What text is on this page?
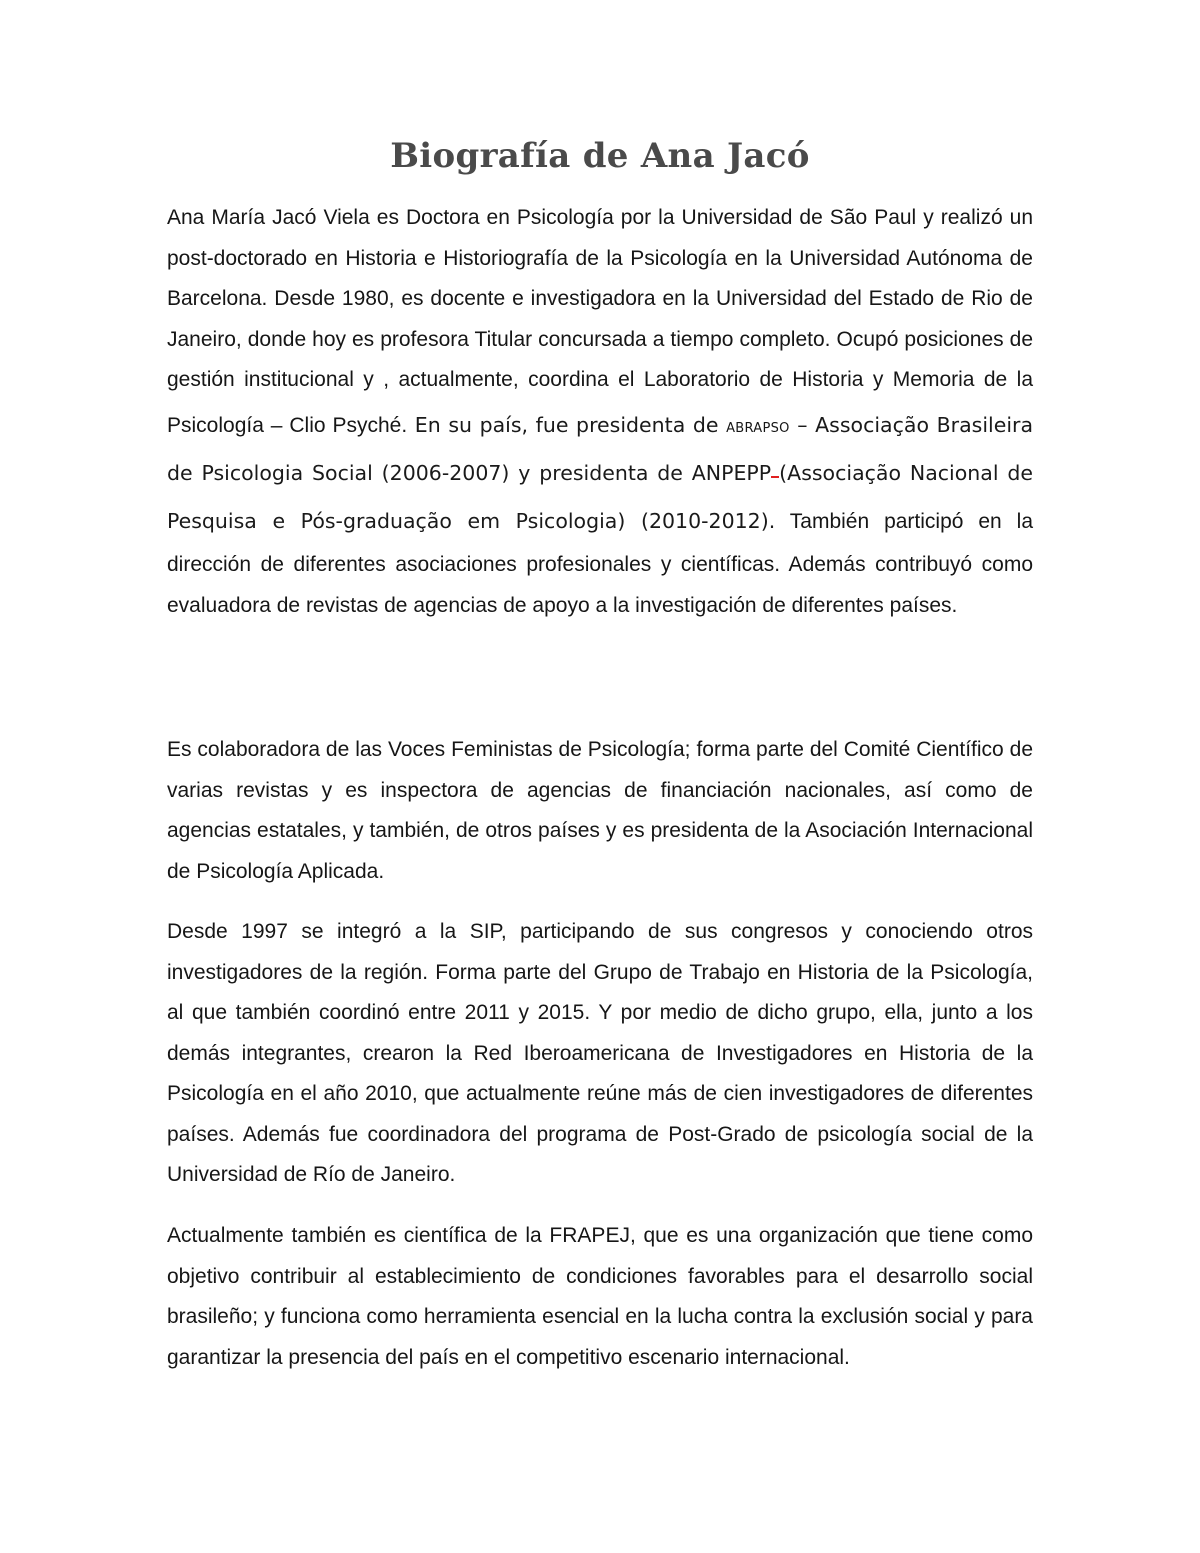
Biografía de Ana Jacó

Ana María Jacó Viela es Doctora en Psicología por la Universidad de São Paul y realizó un post-doctorado en Historia e Historiografía de la Psicología en la Universidad Autónoma de Barcelona. Desde 1980, es docente e investigadora en la Universidad del Estado de Rio de Janeiro, donde hoy es profesora Titular concursada a tiempo completo. Ocupó posiciones de gestión institucional y , actualmente, coordina el Laboratorio de Historia y Memoria de la Psicología – Clio Psyché. En su país, fue presidenta de ABRAPSO – Associação Brasileira de Psicologia Social (2006-2007) y presidenta de ANPEPP (Associação Nacional de Pesquisa e Pós-graduação em Psicologia) (2010-2012). También participó en la dirección de diferentes asociaciones profesionales y científicas. Además contribuyó como evaluadora de revistas de agencias de apoyo a la investigación de diferentes países.

Es colaboradora de las Voces Feministas de Psicología; forma parte del Comité Científico de varias revistas y es inspectora de agencias de financiación nacionales, así como de agencias estatales, y también, de otros países y es presidenta de la Asociación Internacional de Psicología Aplicada.

Desde 1997 se integró a la SIP, participando de sus congresos y conociendo otros investigadores de la región. Forma parte del Grupo de Trabajo en Historia de la Psicología, al que también coordinó entre 2011 y 2015. Y por medio de dicho grupo, ella, junto a los demás integrantes, crearon la Red Iberoamericana de Investigadores en Historia de la Psicología en el año 2010, que actualmente reúne más de cien investigadores de diferentes países. Además fue coordinadora del programa de Post-Grado de psicología social de la Universidad de Río de Janeiro.

Actualmente también es científica de la FRAPEJ, que es una organización que tiene como objetivo contribuir al establecimiento de condiciones favorables para el desarrollo social brasileño; y funciona como herramienta esencial en la lucha contra la exclusión social y para garantizar la presencia del país en el competitivo escenario internacional.
